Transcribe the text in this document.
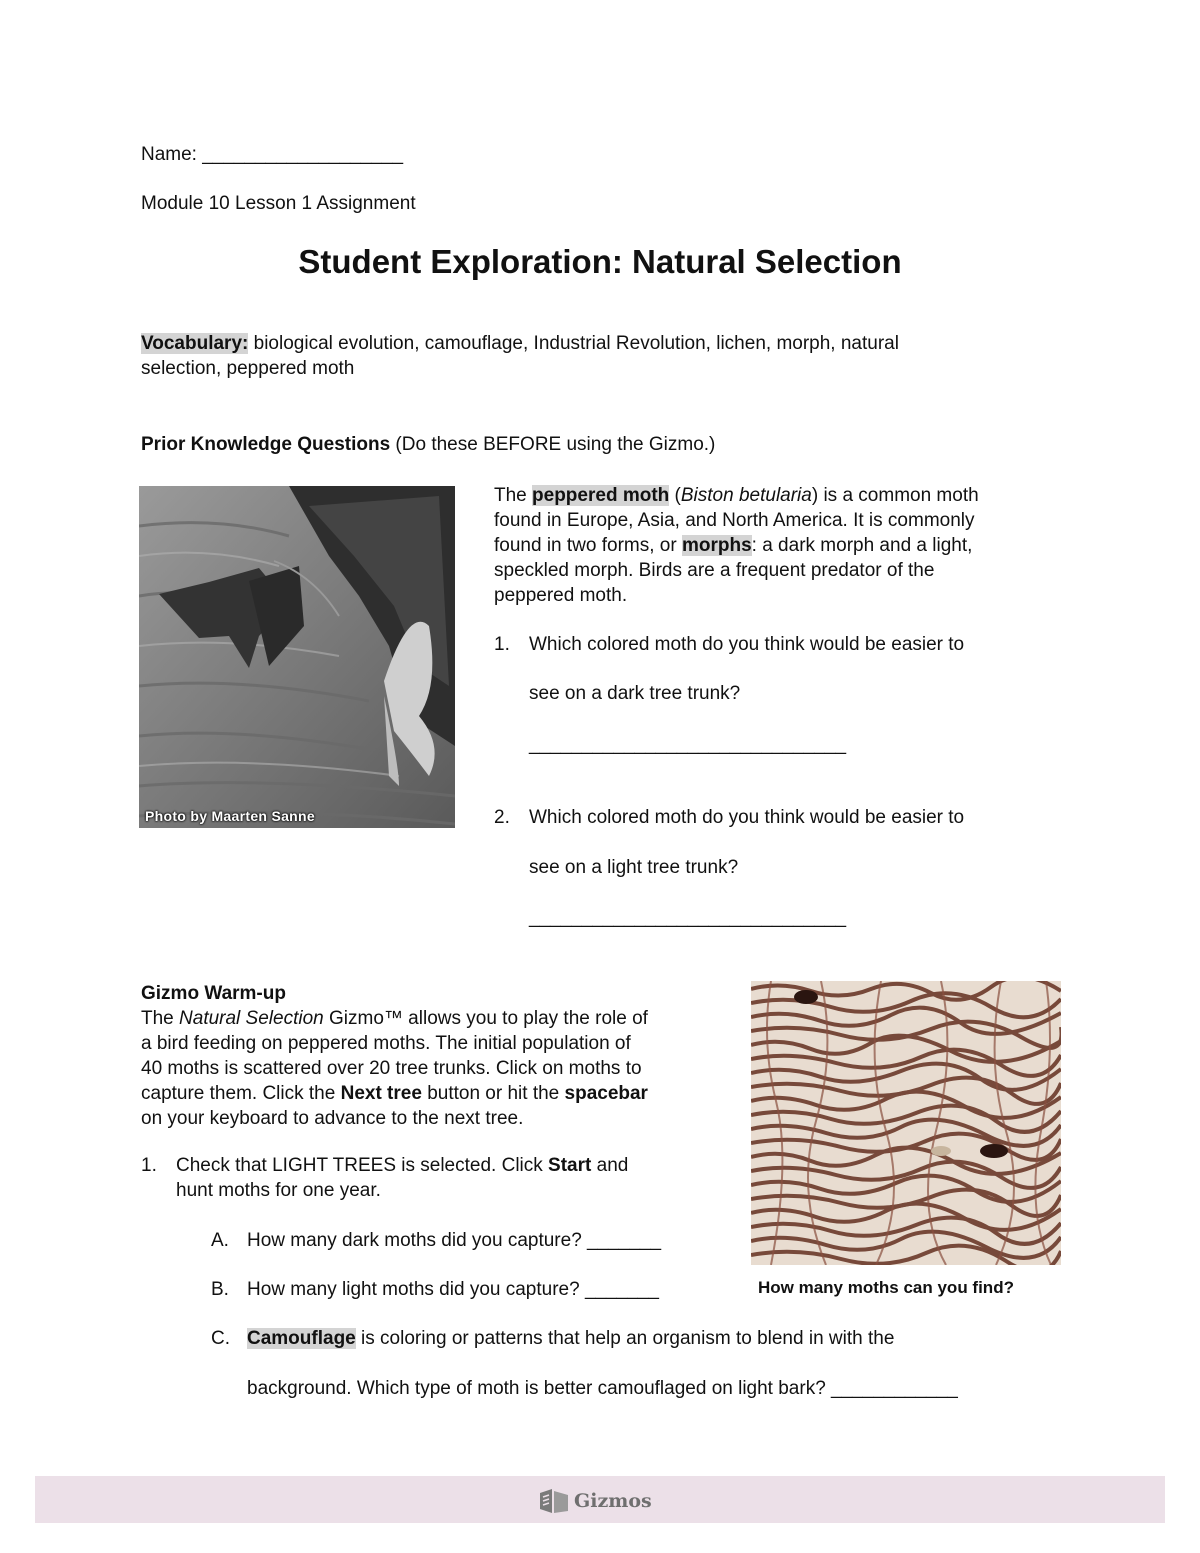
Name: ___________________
Module 10 Lesson 1 Assignment
Student Exploration: Natural Selection
Vocabulary: biological evolution, camouflage, Industrial Revolution, lichen, morph, natural
selection, peppered moth
Prior Knowledge Questions (Do these BEFORE using the Gizmo.)
Photo by Maarten Sanne
The peppered moth (Biston betularia) is a common moth
found in Europe, Asia, and North America. It is commonly
found in two forms, or morphs: a dark morph and a light,
speckled morph. Birds are a frequent predator of the
peppered moth.
1. Which colored moth do you think would be easier to
see on a dark tree trunk?
______________________________
2. Which colored moth do you think would be easier to
see on a light tree trunk?
______________________________
Gizmo Warm-up
The Natural Selection Gizmo™ allows you to play the role of
a bird feeding on peppered moths. The initial population of
40 moths is scattered over 20 tree trunks. Click on moths to
capture them. Click the Next tree button or hit the spacebar
on your keyboard to advance to the next tree.
How many moths can you find?
1. Check that LIGHT TREES is selected. Click Start and
hunt moths for one year.
A. How many dark moths did you capture? _______
B. How many light moths did you capture? _______
C. Camouflage is coloring or patterns that help an organism to blend in with the
background. Which type of moth is better camouflaged on light bark? ____________
Gizmos
